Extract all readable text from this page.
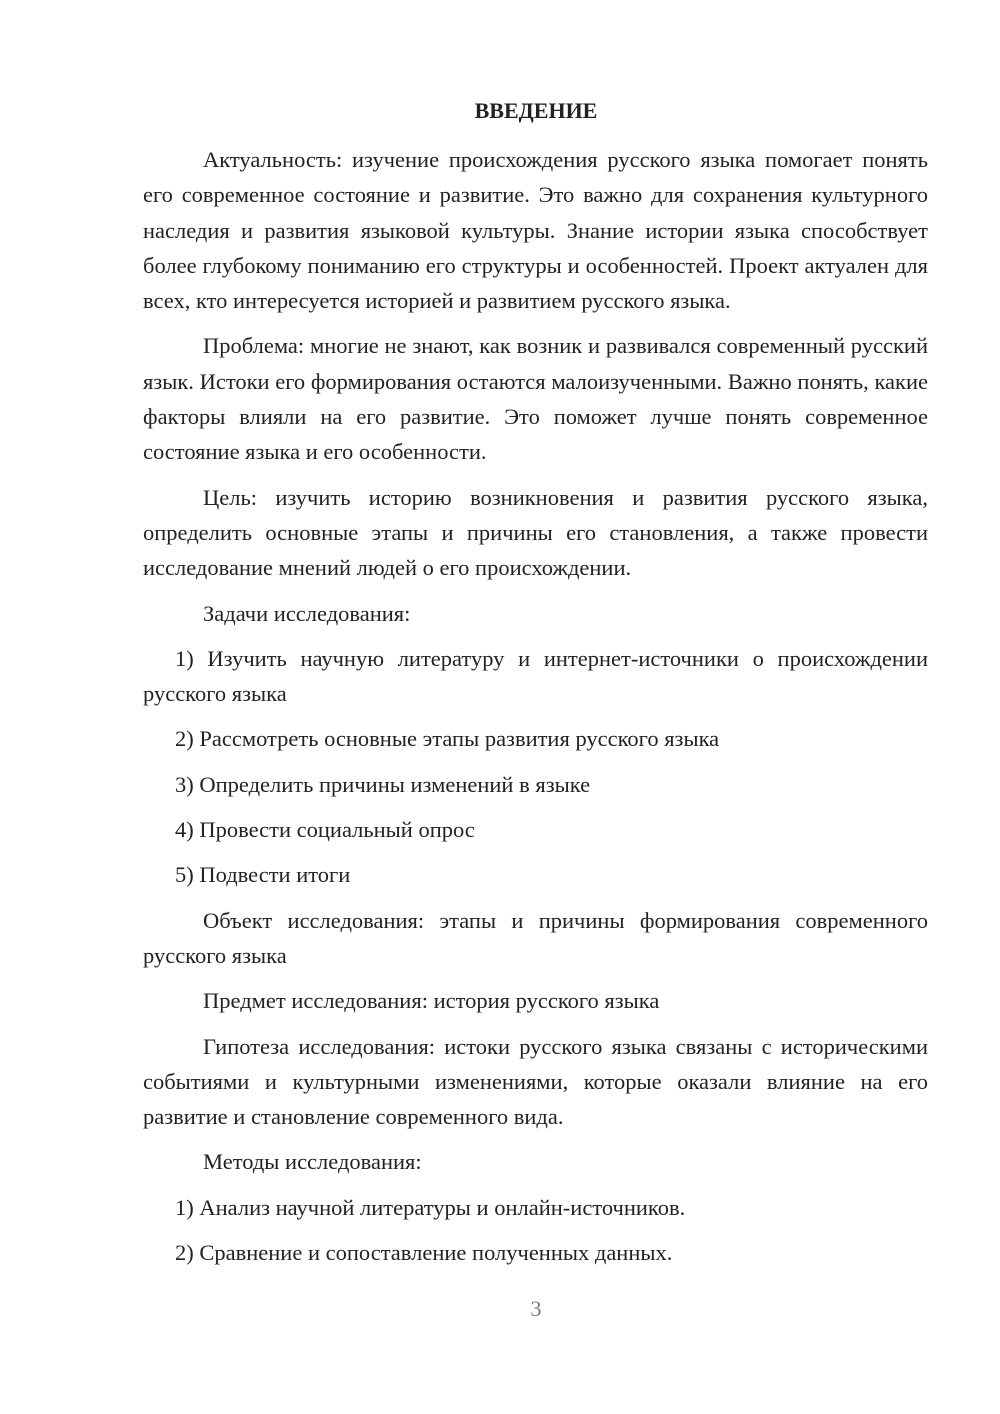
ВВЕДЕНИЕ

Актуальность: изучение происхождения русского языка помогает понять его современное состояние и развитие. Это важно для сохранения культурного наследия и развития языковой культуры. Знание истории языка способствует более глубокому пониманию его структуры и особенностей. Проект актуален для всех, кто интересуется историей и развитием русского языка.

Проблема: многие не знают, как возник и развивался современный русский язык. Истоки его формирования остаются малоизученными. Важно понять, какие факторы влияли на его развитие. Это поможет лучше понять современное состояние языка и его особенности.

Цель: изучить историю возникновения и развития русского языка, определить основные этапы и причины его становления, а также провести исследование мнений людей о его происхождении.

Задачи исследования:

1) Изучить научную литературу и интернет-источники о происхождении русского языка

2) Рассмотреть основные этапы развития русского языка

3) Определить причины изменений в языке

4) Провести социальный опрос

5) Подвести итоги

Объект исследования: этапы и причины формирования современного русского языка

Предмет исследования: история русского языка

Гипотеза исследования: истоки русского языка связаны с историческими событиями и культурными изменениями, которые оказали влияние на его развитие и становление современного вида.

Методы исследования:

1) Анализ научной литературы и онлайн-источников.

2) Сравнение и сопоставление полученных данных.

3
